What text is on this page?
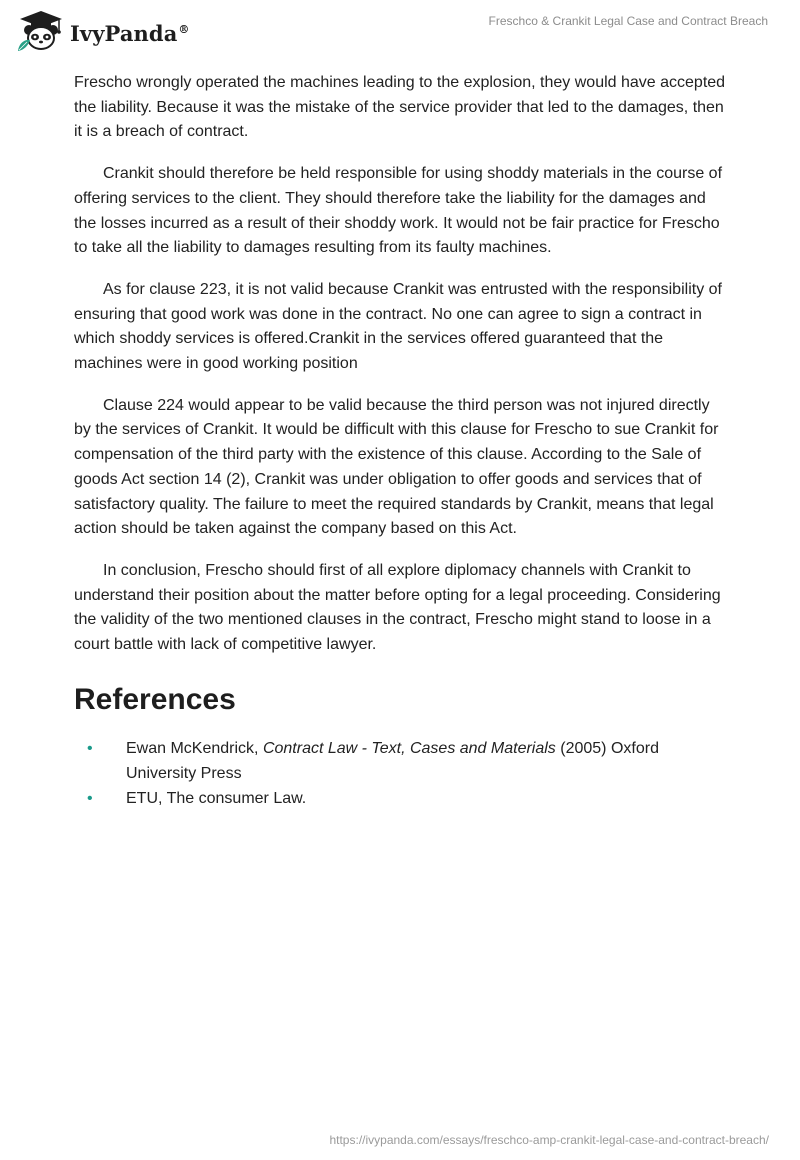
IvyPanda®
Freschco & Crankit Legal Case and Contract Breach

Frescho wrongly operated the machines leading to the explosion, they would have accepted the liability. Because it was the mistake of the service provider that led to the damages, then it is a breach of contract.

Crankit should therefore be held responsible for using shoddy materials in the course of offering services to the client. They should therefore take the liability for the damages and the losses incurred as a result of their shoddy work. It would not be fair practice for Frescho to take all the liability to damages resulting from its faulty machines.

As for clause 223, it is not valid because Crankit was entrusted with the responsibility of ensuring that good work was done in the contract. No one can agree to sign a contract in which shoddy services is offered.Crankit in the services offered guaranteed that the machines were in good working position

Clause 224 would appear to be valid because the third person was not injured directly by the services of Crankit. It would be difficult with this clause for Frescho to sue Crankit for compensation of the third party with the existence of this clause. According to the Sale of goods Act section 14 (2), Crankit was under obligation to offer goods and services that of satisfactory quality. The failure to meet the required standards by Crankit, means that legal action should be taken against the company based on this Act.

In conclusion, Frescho should first of all explore diplomacy channels with Crankit to understand their position about the matter before opting for a legal proceeding. Considering the validity of the two mentioned clauses in the contract, Frescho might stand to loose in a court battle with lack of competitive lawyer.

References
• Ewan McKendrick, Contract Law - Text, Cases and Materials (2005) Oxford University Press
• ETU, The consumer Law.
https://ivypanda.com/essays/freschco-amp-crankit-legal-case-and-contract-breach/
